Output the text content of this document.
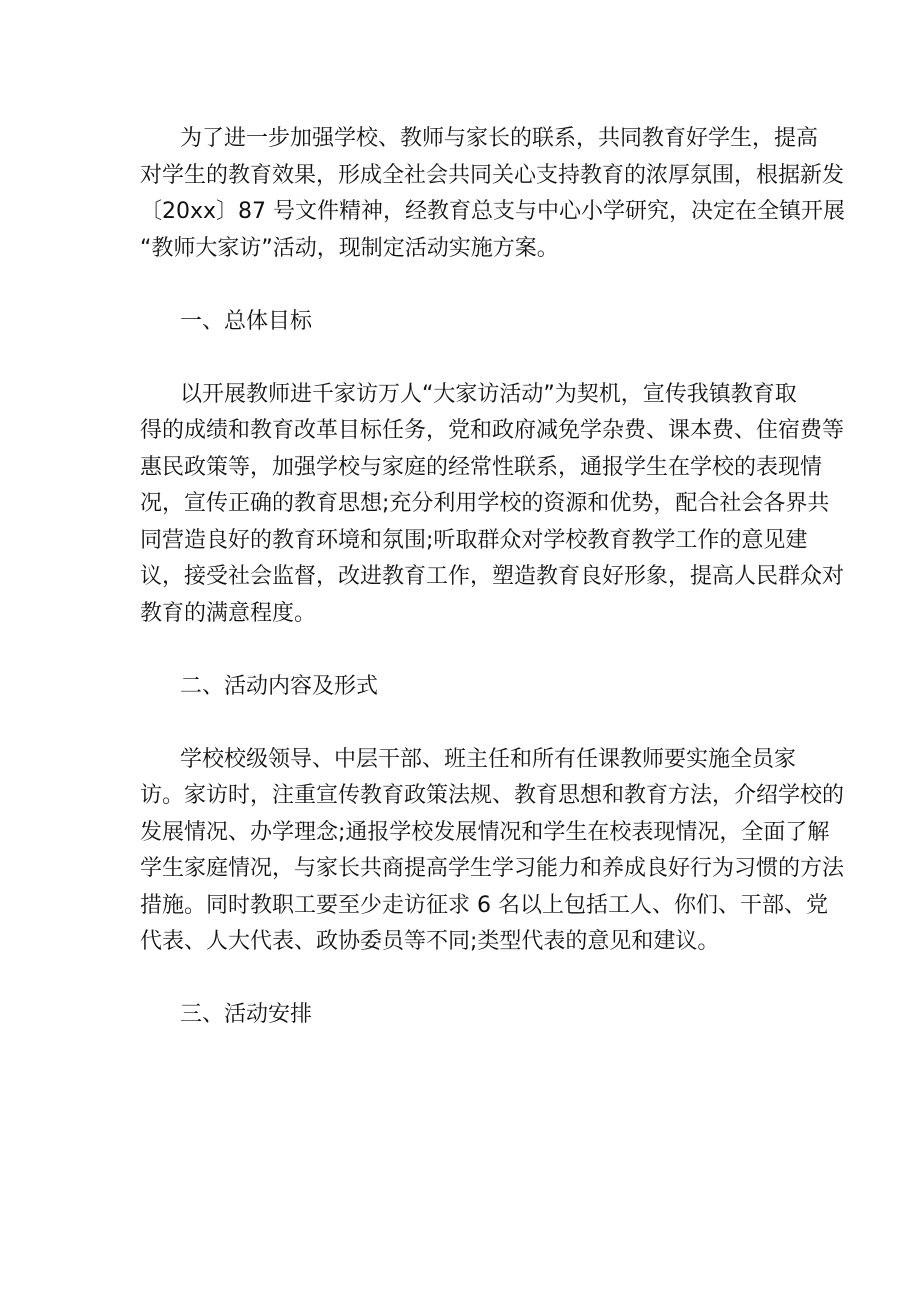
为了进一步加强学校、教师与家长的联系，共同教育好学生，提高
对学生的教育效果，形成全社会共同关心支持教育的浓厚氛围，根据新发
〔20xx〕87 号文件精神，经教育总支与中心小学研究，决定在全镇开展
“教师大家访”活动，现制定活动实施方案。
一、总体目标
以开展教师进千家访万人“大家访活动”为契机，宣传我镇教育取
得的成绩和教育改革目标任务，党和政府减免学杂费、课本费、住宿费等
惠民政策等，加强学校与家庭的经常性联系，通报学生在学校的表现情
况，宣传正确的教育思想;充分利用学校的资源和优势，配合社会各界共
同营造良好的教育环境和氛围;听取群众对学校教育教学工作的意见建
议，接受社会监督，改进教育工作，塑造教育良好形象，提高人民群众对
教育的满意程度。
二、活动内容及形式
学校校级领导、中层干部、班主任和所有任课教师要实施全员家
访。家访时，注重宣传教育政策法规、教育思想和教育方法，介绍学校的
发展情况、办学理念;通报学校发展情况和学生在校表现情况，全面了解
学生家庭情况，与家长共商提高学生学习能力和养成良好行为习惯的方法
措施。同时教职工要至少走访征求 6 名以上包括工人、你们、干部、党
代表、人大代表、政协委员等不同;类型代表的意见和建议。
三、活动安排
